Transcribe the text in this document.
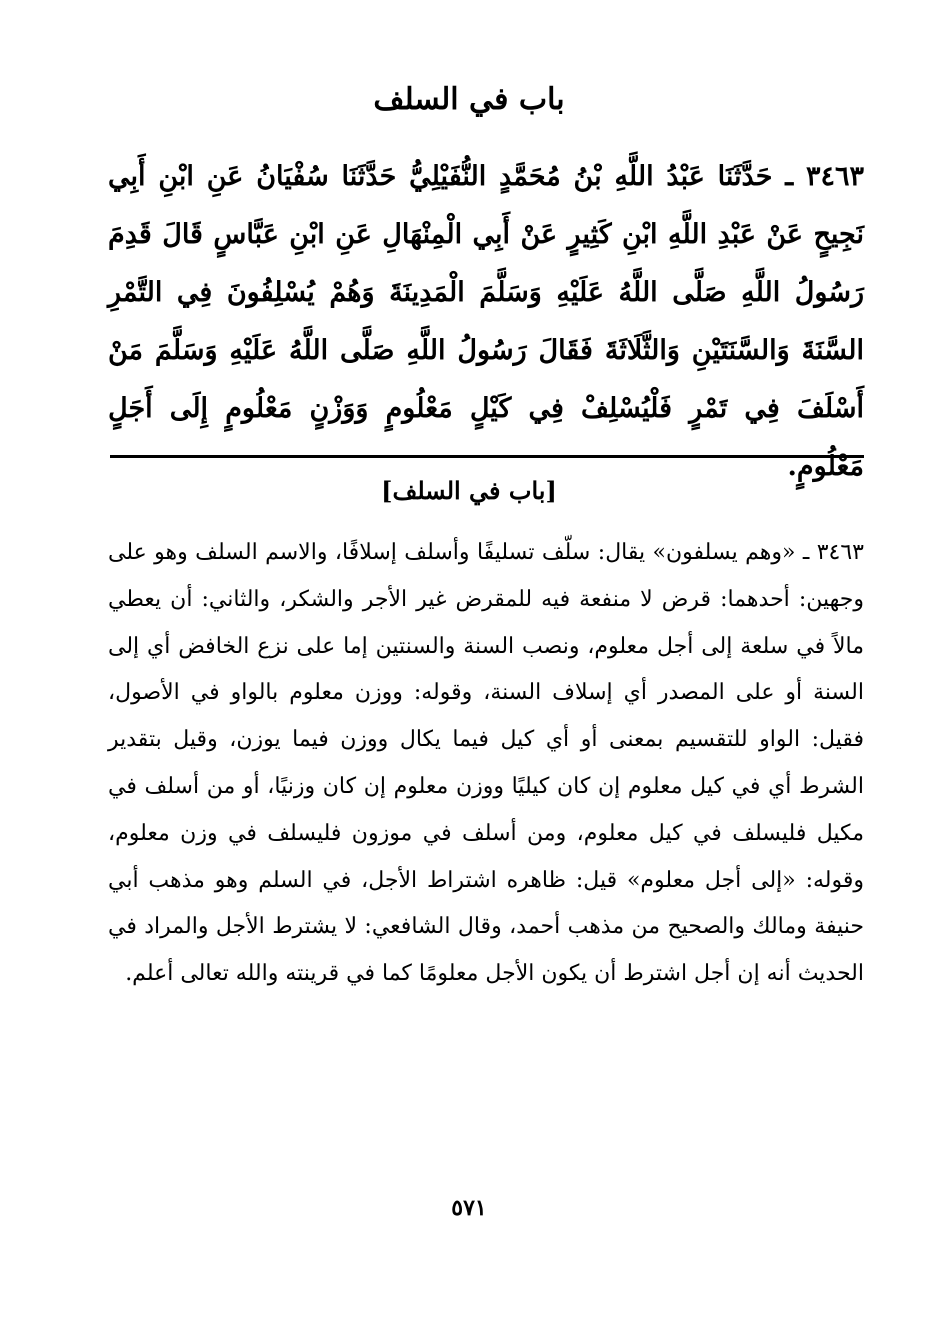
باب في السلف

٣٤٦٣ ـ حَدَّثَنَا عَبْدُ اللَّهِ بْنُ مُحَمَّدٍ النُّفَيْلِيُّ حَدَّثَنَا سُفْيَانُ عَنِ ابْنِ أَبِي نَجِيحٍ عَنْ عَبْدِ اللَّهِ ابْنِ كَثِيرٍ عَنْ أَبِي الْمِنْهَالِ عَنِ ابْنِ عَبَّاسٍ قَالَ قَدِمَ رَسُولُ اللَّهِ صَلَّى اللَّهُ عَلَيْهِ وَسَلَّمَ الْمَدِينَةَ وَهُمْ يُسْلِفُونَ فِي التَّمْرِ السَّنَةَ وَالسَّنَتَيْنِ وَالثَّلَاثَةَ فَقَالَ رَسُولُ اللَّهِ صَلَّى اللَّهُ عَلَيْهِ وَسَلَّمَ مَنْ أَسْلَفَ فِي تَمْرٍ فَلْيُسْلِفْ فِي كَيْلٍ مَعْلُومٍ وَوَزْنٍ مَعْلُومٍ إِلَى أَجَلٍ مَعْلُومٍ.

[باب في السلف]

٣٤٦٣ ـ «وهم يسلفون» يقال: سلّف تسليفًا وأسلف إسلافًا، والاسم السلف وهو على وجهين: أحدهما: قرض لا منفعة فيه للمقرض غير الأجر والشكر، والثاني: أن يعطي مالاً في سلعة إلى أجل معلوم، ونصب السنة والسنتين إما على نزع الخافض أي إلى السنة أو على المصدر أي إسلاف السنة، وقوله: ووزن معلوم بالواو في الأصول، فقيل: الواو للتقسيم بمعنى أو أي كيل فيما يكال ووزن فيما يوزن، وقيل بتقدير الشرط أي في كيل معلوم إن كان كيليًا ووزن معلوم إن كان وزنيًا، أو من أسلف في مكيل فليسلف في كيل معلوم، ومن أسلف في موزون فليسلف في وزن معلوم، وقوله: «إلى أجل معلوم» قيل: ظاهره اشتراط الأجل، في السلم وهو مذهب أبي حنيفة ومالك والصحيح من مذهب أحمد، وقال الشافعي: لا يشترط الأجل والمراد في الحديث أنه إن أجل اشترط أن يكون الأجل معلومًا كما في قرينته والله تعالى أعلم.

٥٧١
